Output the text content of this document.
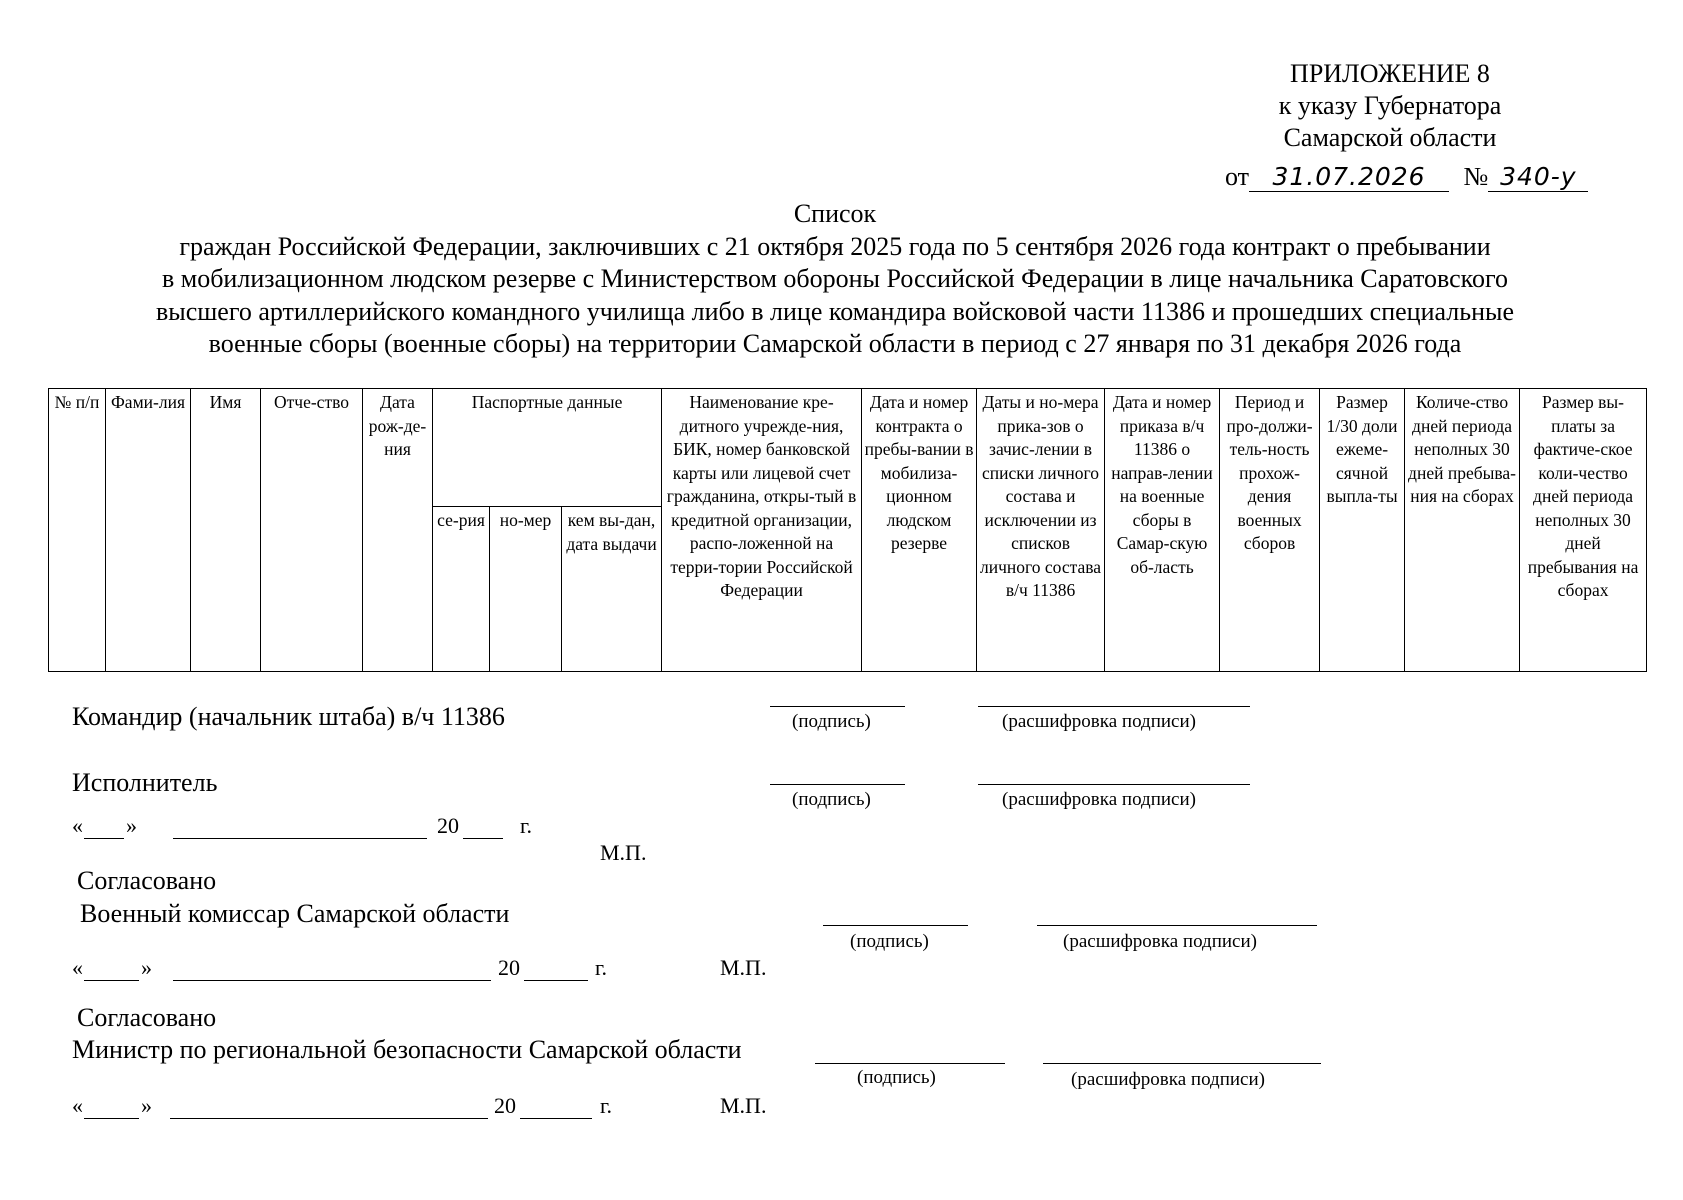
ПРИЛОЖЕНИЕ 8
к указу Губернатора
Самарской области
от 31.07.2026 № 340-у
Список
граждан Российской Федерации, заключивших с 21 октября 2025 года по 5 сентября 2026 года контракт о пребывании
в мобилизационном людском резерве с Министерством обороны Российской Федерации в лице начальника Саратовского
высшего артиллерийского командного училища либо в лице командира войсковой части 11386 и прошедших специальные
военные сборы (военные сборы) на территории Самарской области в период с 27 января по 31 декабря 2026 года
№ п/п	Фами-лия	Имя	Отче-ство	Дата рож-де-ния	Паспортные данные			Наименование кре-дитного учрежде-ния, БИК, номер банковской карты или лицевой счет гражданина, откры-тый в кредитной организации, распо-ложенной на терри-тории Российской Федерации	Дата и номер контракта о пребы-вании в мобилиза-ционном людском резерве	Даты и но-мера прика-зов о зачис-лении в списки личного состава и исключении из списков личного состава в/ч 11386	Дата и номер приказа в/ч 11386 о направ-лении на военные сборы в Самар-скую об-ласть	Период и про-должи-тель-ность прохож-дения военных сборов	Размер 1/30 доли ежеме-сячной выпла-ты	Количе-ство дней периода неполных 30 дней пребыва-ния на сборах	Размер вы-платы за фактиче-ское коли-чество дней периода неполных 30 дней пребывания на сборах
					се-рия	но-мер	кем вы-дан, дата выдачи								
Командир (начальник штаба) в/ч 11386	(подпись)	(расшифровка подписи)
Исполнитель
(подпись)	(расшифровка подписи)
« »	20	г.
М.П.
Согласовано
Военный комиссар Самарской области
(подпись)	(расшифровка подписи)
«	»	20	г.	М.П.
Согласовано
Министр по региональной безопасности Самарской области
(подпись)	(расшифровка подписи)
«	»	20	г.	М.П.
